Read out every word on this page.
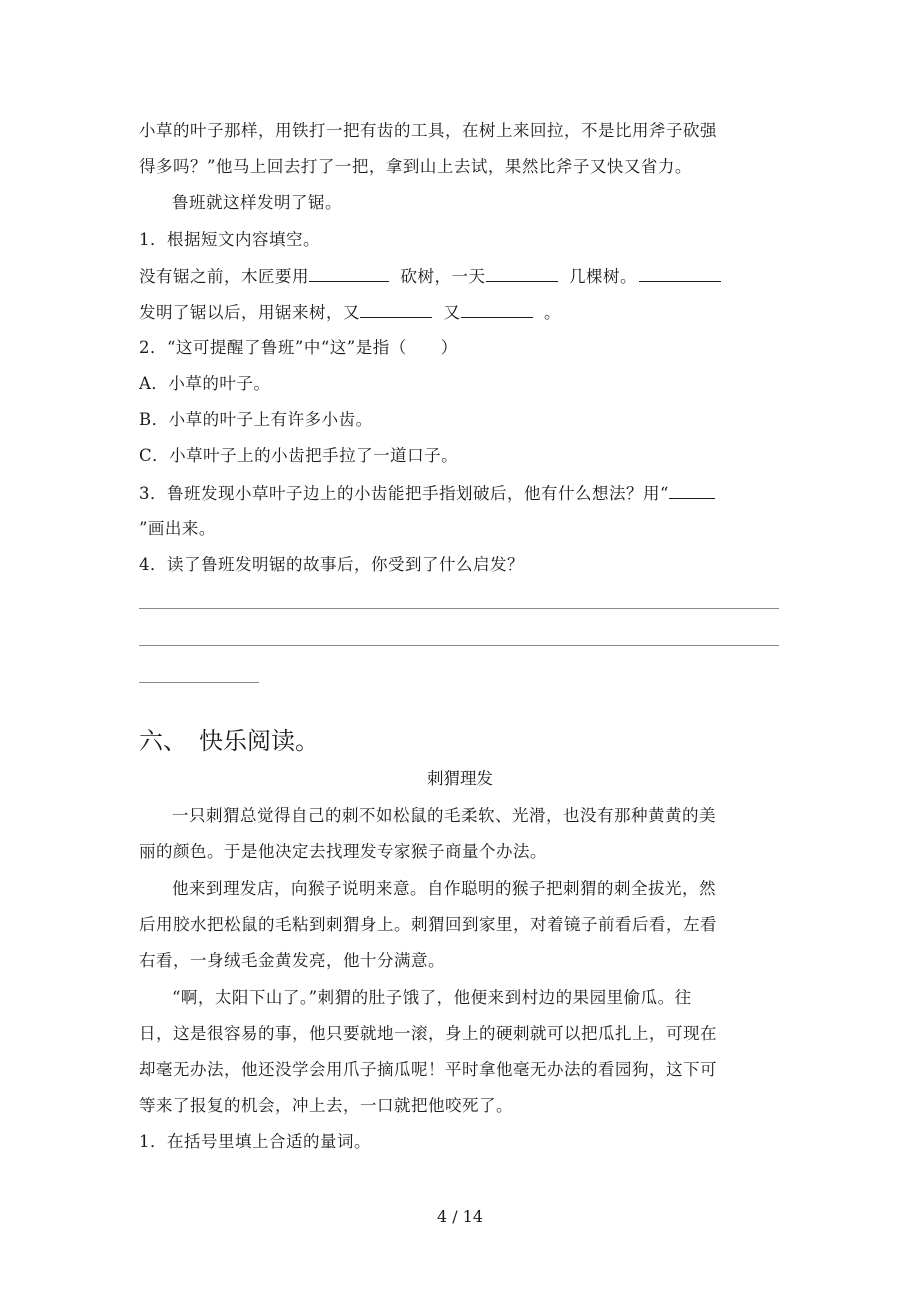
小草的叶子那样，用铁打一把有齿的工具，在树上来回拉，不是比用斧子砍强
得多吗？”他马上回去打了一把，拿到山上去试，果然比斧子又快又省力。
鲁班就这样发明了锯。
1．根据短文内容填空。
没有锯之前，木匠要用	砍树，一天	几棵树。
发明了锯以后，用锯来树，又	又	。
2．“这可提醒了鲁班”中“这”是指（　　）
A．小草的叶子。
B．小草的叶子上有许多小齿。
C．小草叶子上的小齿把手拉了一道口子。
3．鲁班发现小草叶子边上的小齿能把手指划破后，他有什么想法？用“
”画出来。
4．读了鲁班发明锯的故事后，你受到了什么启发？
六、　快乐阅读。
刺猬理发
一只刺猬总觉得自己的刺不如松鼠的毛柔软、光滑，也没有那种黄黄的美
丽的颜色。于是他决定去找理发专家猴子商量个办法。
他来到理发店，向猴子说明来意。自作聪明的猴子把刺猬的刺全拔光，然
后用胶水把松鼠的毛粘到刺猬身上。刺猬回到家里，对着镜子前看后看，左看
右看，一身绒毛金黄发亮，他十分满意。
“啊，太阳下山了。”刺猬的肚子饿了，他便来到村边的果园里偷瓜。往
日，这是很容易的事，他只要就地一滚，身上的硬刺就可以把瓜扎上，可现在
却毫无办法，他还没学会用爪子摘瓜呢！平时拿他毫无办法的看园狗，这下可
等来了报复的机会，冲上去，一口就把他咬死了。
1．在括号里填上合适的量词。
4 / 14
